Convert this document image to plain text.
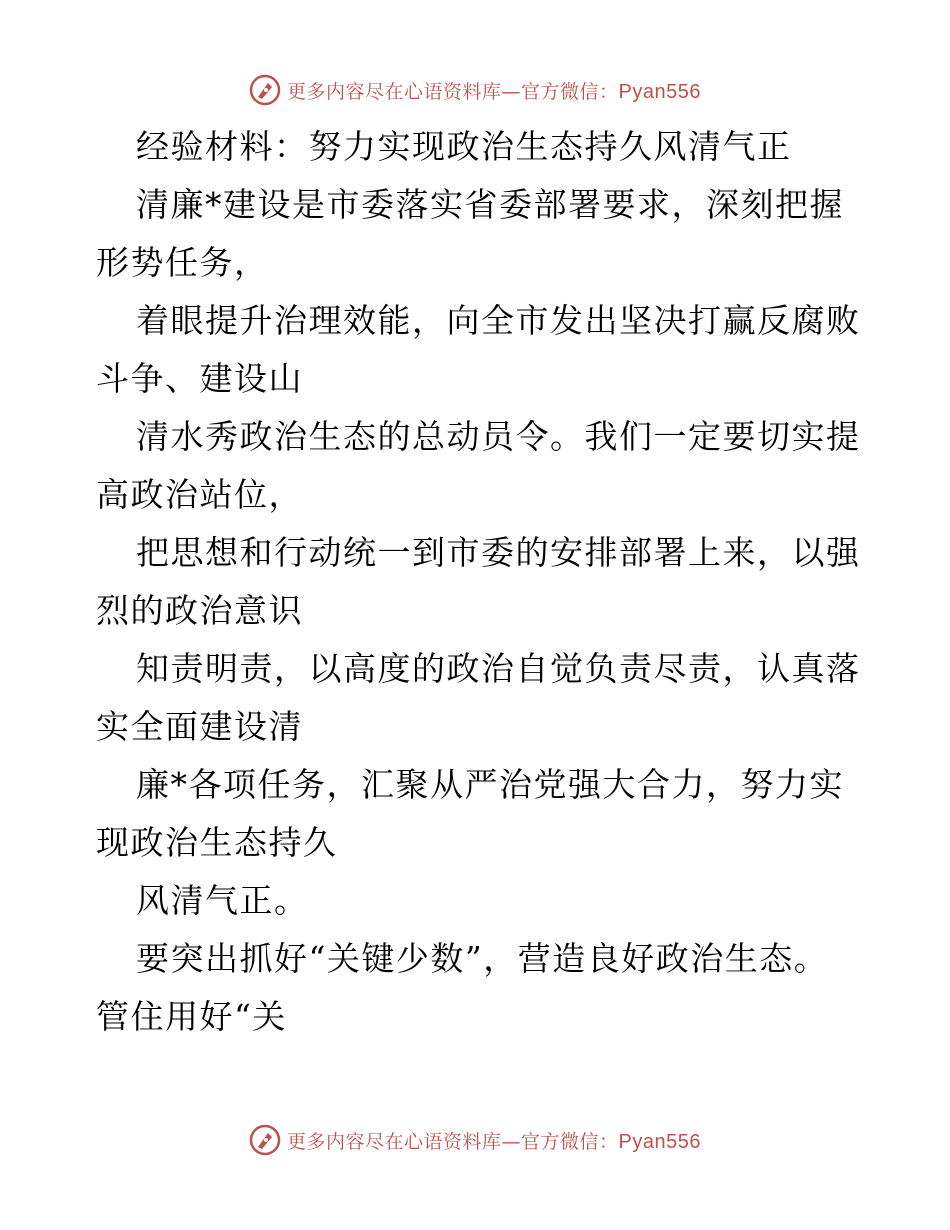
更多内容尽在心语资料库—官方微信：Pyan556
经验材料：努力实现政治生态持久风清气正
清廉*建设是市委落实省委部署要求，深刻把握
形势任务，
着眼提升治理效能，向全市发出坚决打赢反腐败
斗争、建设山
清水秀政治生态的总动员令。我们一定要切实提
高政治站位，
把思想和行动统一到市委的安排部署上来，以强
烈的政治意识
知责明责，以高度的政治自觉负责尽责，认真落
实全面建设清
廉*各项任务，汇聚从严治党强大合力，努力实
现政治生态持久
风清气正。
要突出抓好“关键少数”，营造良好政治生态。
管住用好“关
更多内容尽在心语资料库—官方微信：Pyan556
